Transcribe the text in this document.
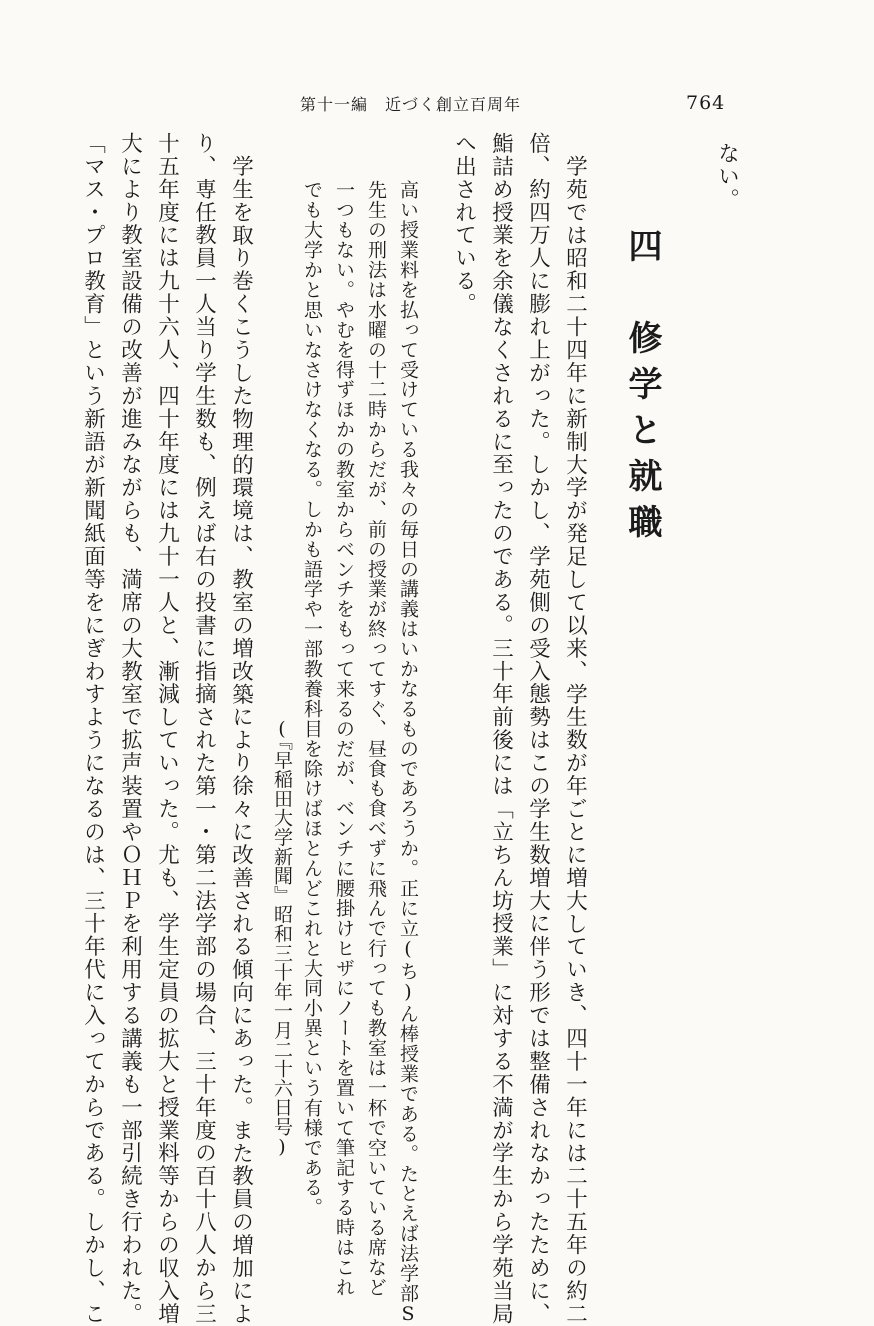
第十一編　近づく創立百周年	764
ない。
四　修学と就職
学苑では昭和二十四年に新制大学が発足して以来、学生数が年ごとに増大していき、四十一年には二十五年の約二
倍、約四万人に膨れ上がった。しかし、学苑側の受入態勢はこの学生数増大に伴う形では整備されなかったために、
鮨詰め授業を余儀なくされるに至ったのである。三十年前後には「立ちん坊授業」に対する不満が学生から学苑当局
へ出されている。
高い授業料を払って受けている我々の毎日の講義はいかなるものであろうか。正に立(ち)ん棒授業である。たとえば法学部S
先生の刑法は水曜の十二時からだが、前の授業が終ってすぐ、昼食も食べずに飛んで行っても教室は一杯で空いている席など
一つもない。やむを得ずほかの教室からベンチをもって来るのだが、ベンチに腰掛けヒザにノートを置いて筆記する時はこれ
でも大学かと思いなさけなくなる。しかも語学や一部教養科目を除けばほとんどこれと大同小異という有様である。
(『早稲田大学新聞』昭和三十年一月二十六日号)
学生を取り巻くこうした物理的環境は、教室の増改築により徐々に改善される傾向にあった。また教員の増加によ
り、専任教員一人当り学生数も、例えば右の投書に指摘された第一・第二法学部の場合、三十年度の百十八人から三
十五年度には九十六人、四十年度には九十一人と、漸減していった。尤も、学生定員の拡大と授業料等からの収入増
大により教室設備の改善が進みながらも、満席の大教室で拡声装置やＯＨＰを利用する講義も一部引続き行われた。
「マス・プロ教育」という新語が新聞紙面等をにぎわすようになるのは、三十年代に入ってからである。しかし、こ
